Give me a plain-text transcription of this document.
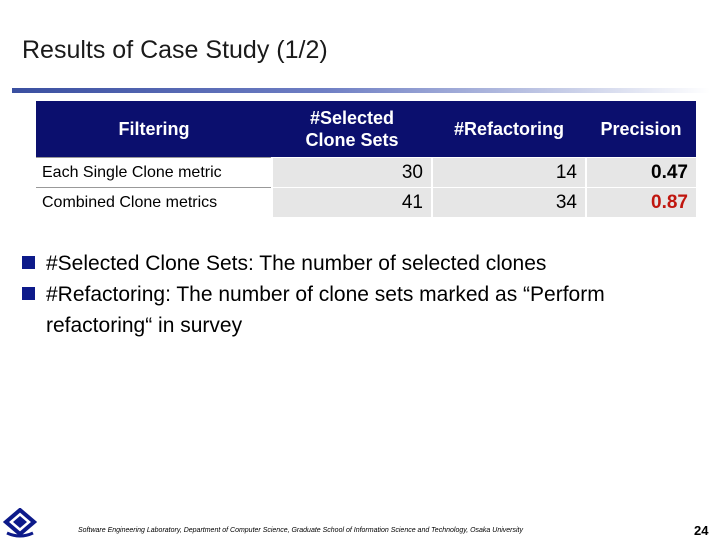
Results of Case Study (1/2)
Filtering	#Selected Clone Sets	#Refactoring	Precision
Each Single Clone metric	30	14	0.47
Combined Clone metrics	41	34	0.87
#Selected Clone Sets: The number of selected clones
#Refactoring: The number of clone sets marked as “Perform refactoring“ in survey
Software Engineering Laboratory, Department of Computer Science, Graduate School of Information Science and Technology, Osaka University	24
